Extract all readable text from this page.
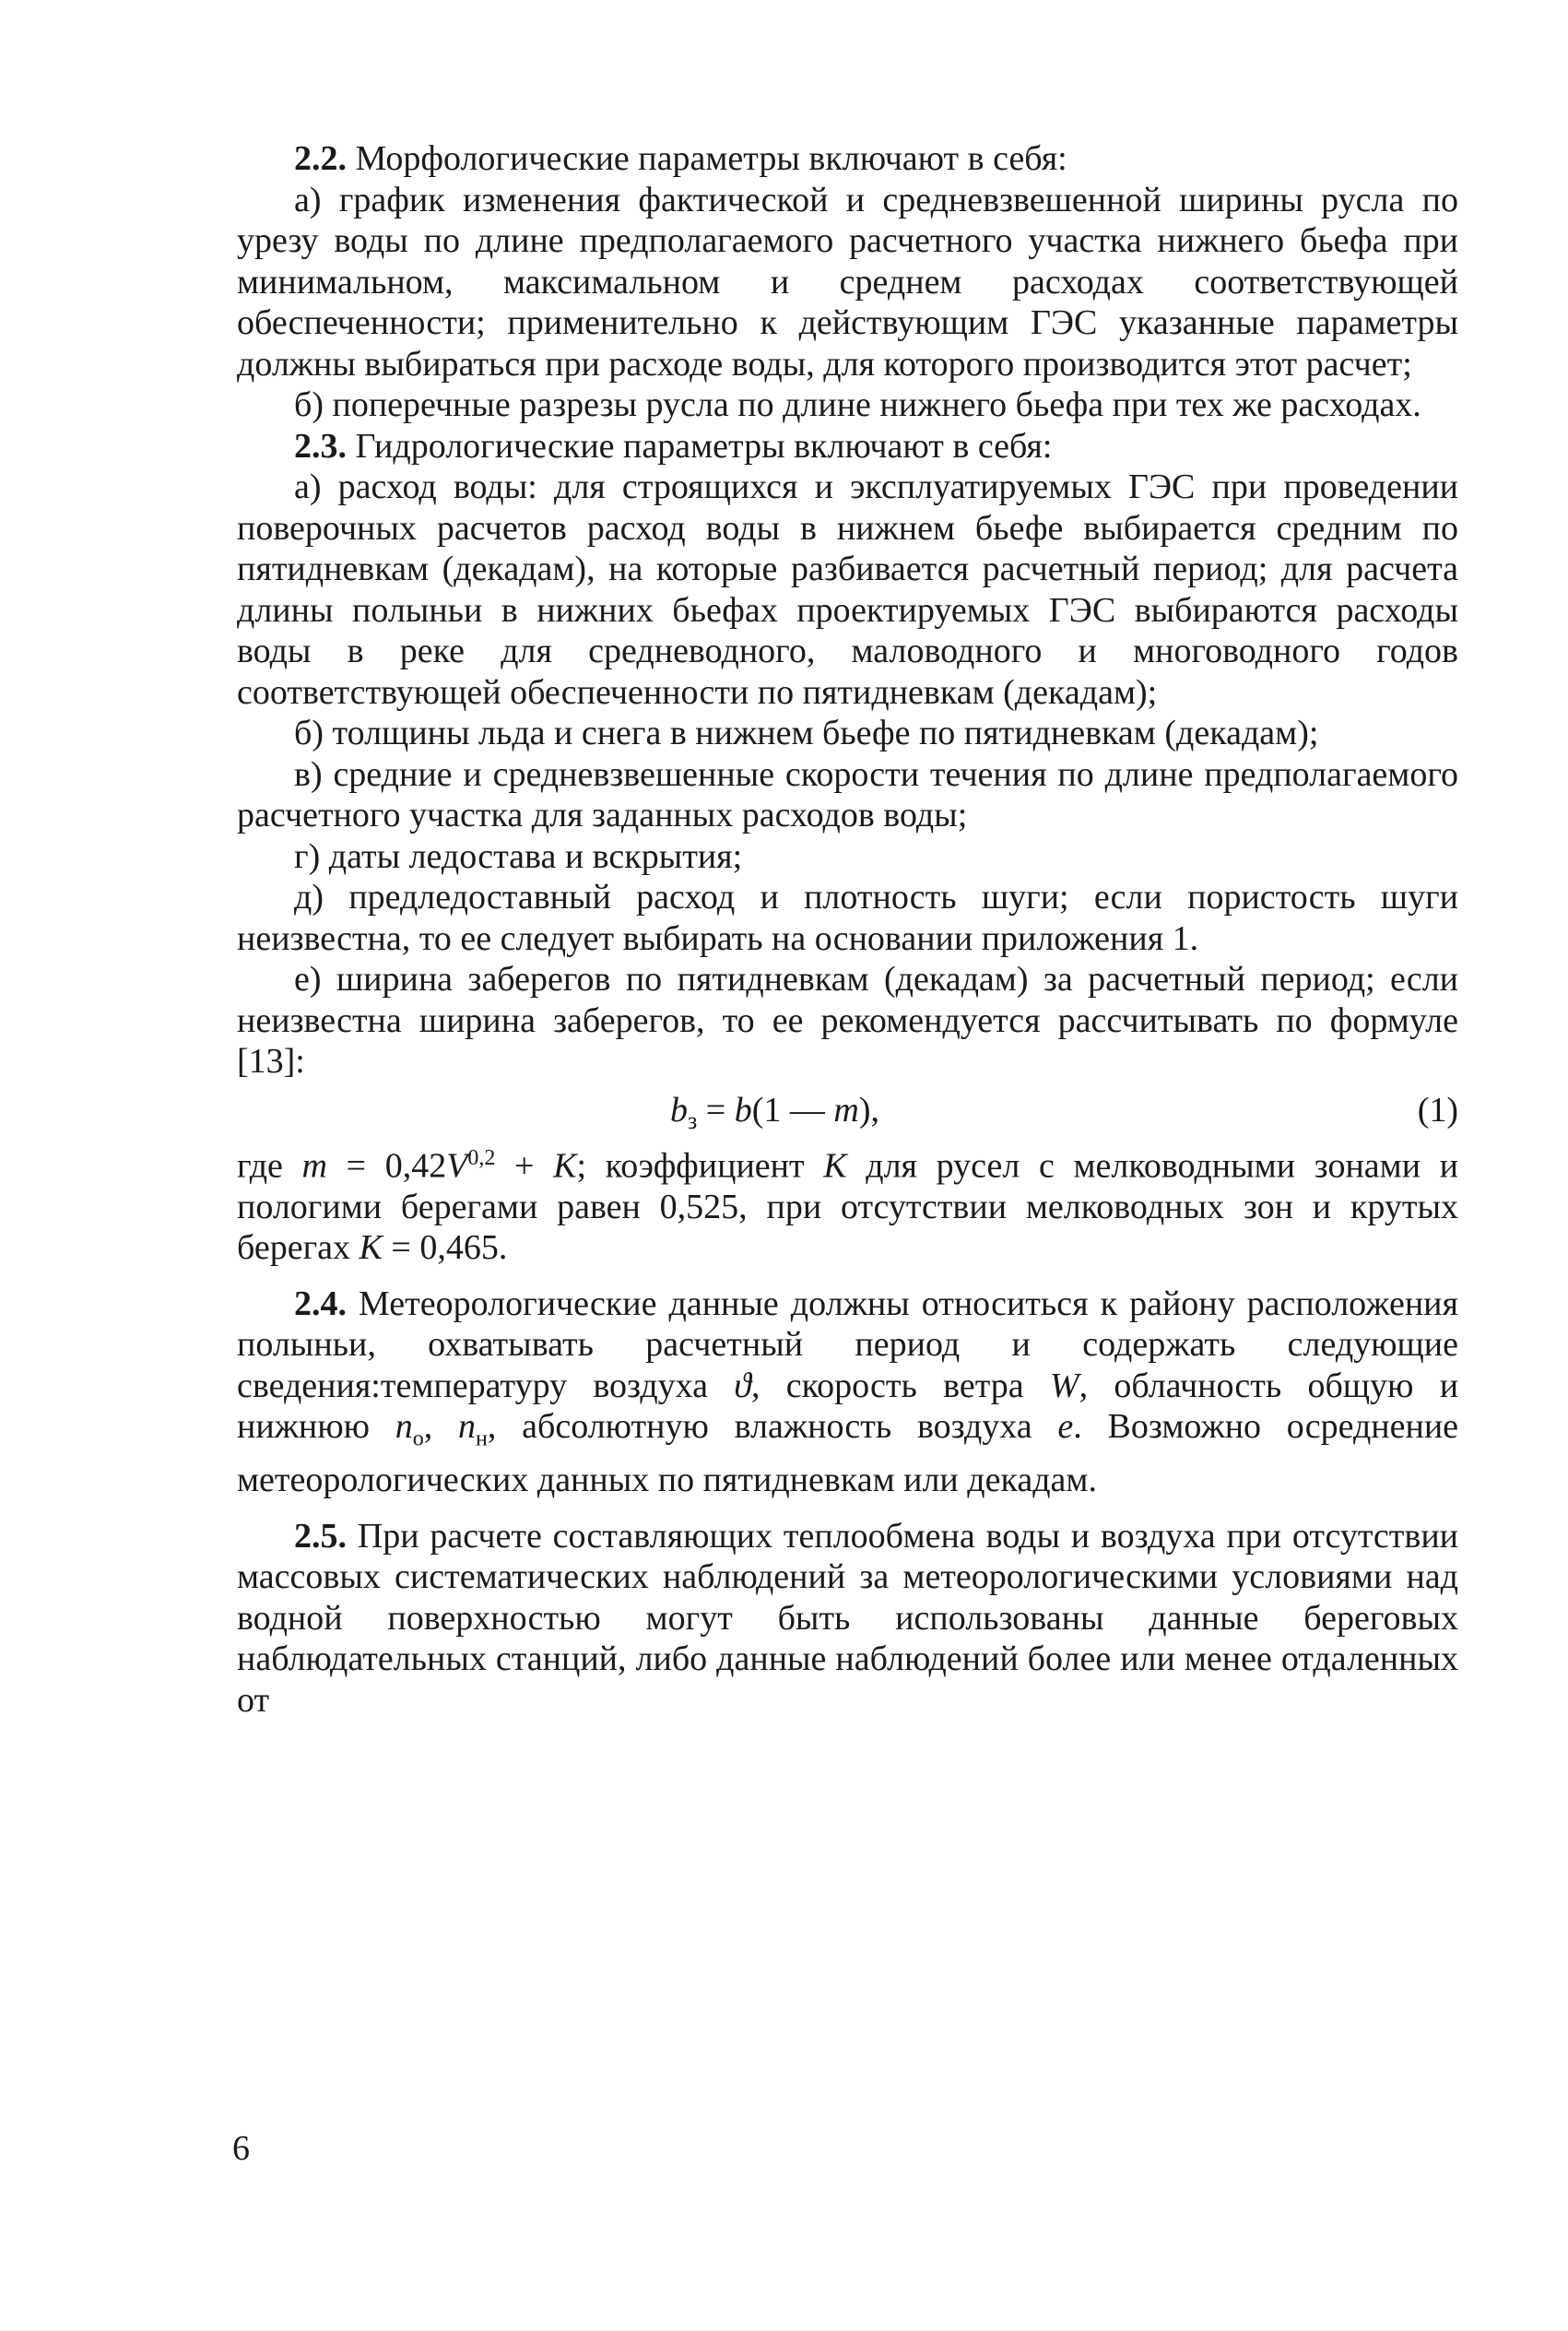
2.2. Морфологические параметры включают в себя:

а) график изменения фактической и средневзвешенной ширины русла по урезу воды по длине предполагаемого расчетного участка нижнего бьефа при минимальном, максимальном и среднем расходах соответствующей обеспеченности; применительно к действующим ГЭС указанные параметры должны выбираться при расходе воды, для которого производится этот расчет;

б) поперечные разрезы русла по длине нижнего бьефа при тех же расходах.

2.3. Гидрологические параметры включают в себя:

а) расход воды: для строящихся и эксплуатируемых ГЭС при проведении поверочных расчетов расход воды в нижнем бьефе выбирается средним по пятидневкам (декадам), на которые разбивается расчетный период; для расчета длины полыньи в нижних бьефах проектируемых ГЭС выбираются расходы воды в реке для средневодного, маловодного и многоводного годов соответствующей обеспеченности по пятидневкам (декадам);

б) толщины льда и снега в нижнем бьефе по пятидневкам (декадам);

в) средние и средневзвешенные скорости течения по длине предполагаемого расчетного участка для заданных расходов воды;

г) даты ледостава и вскрытия;

д) предледоставный расход и плотность шуги; если пористость шуги неизвестна, то ее следует выбирать на основании приложения 1.

е) ширина заберегов по пятидневкам (декадам) за расчетный период; если неизвестна ширина заберегов, то ее рекомендуется рассчитывать по формуле [13]:

$b_з = b(1$ — m),	(1)

где $m = 0,42V^{0,2} + K$; коэффициент K для русел с мелководными зонами и пологими берегами равен 0,525, при отсутствии мелководных зон и крутых берегах K = 0,465.

2.4. Метеорологические данные должны относиться к району расположения полыньи, охватывать расчетный период и содержать следующие сведения:температуру воздуха ϑ, скорость ветра W, облачность общую и нижнюю $n_о$, $n_н$, абсолютную влажность воздуха e. Возможно осреднение метеорологических данных по пятидневкам или декадам.

2.5. При расчете составляющих теплообмена воды и воздуха при отсутствии массовых систематических наблюдений за метеорологическими условиями над водной поверхностью могут быть использованы данные береговых наблюдательных станций, либо данные наблюдений более или менее отдаленных от

6
